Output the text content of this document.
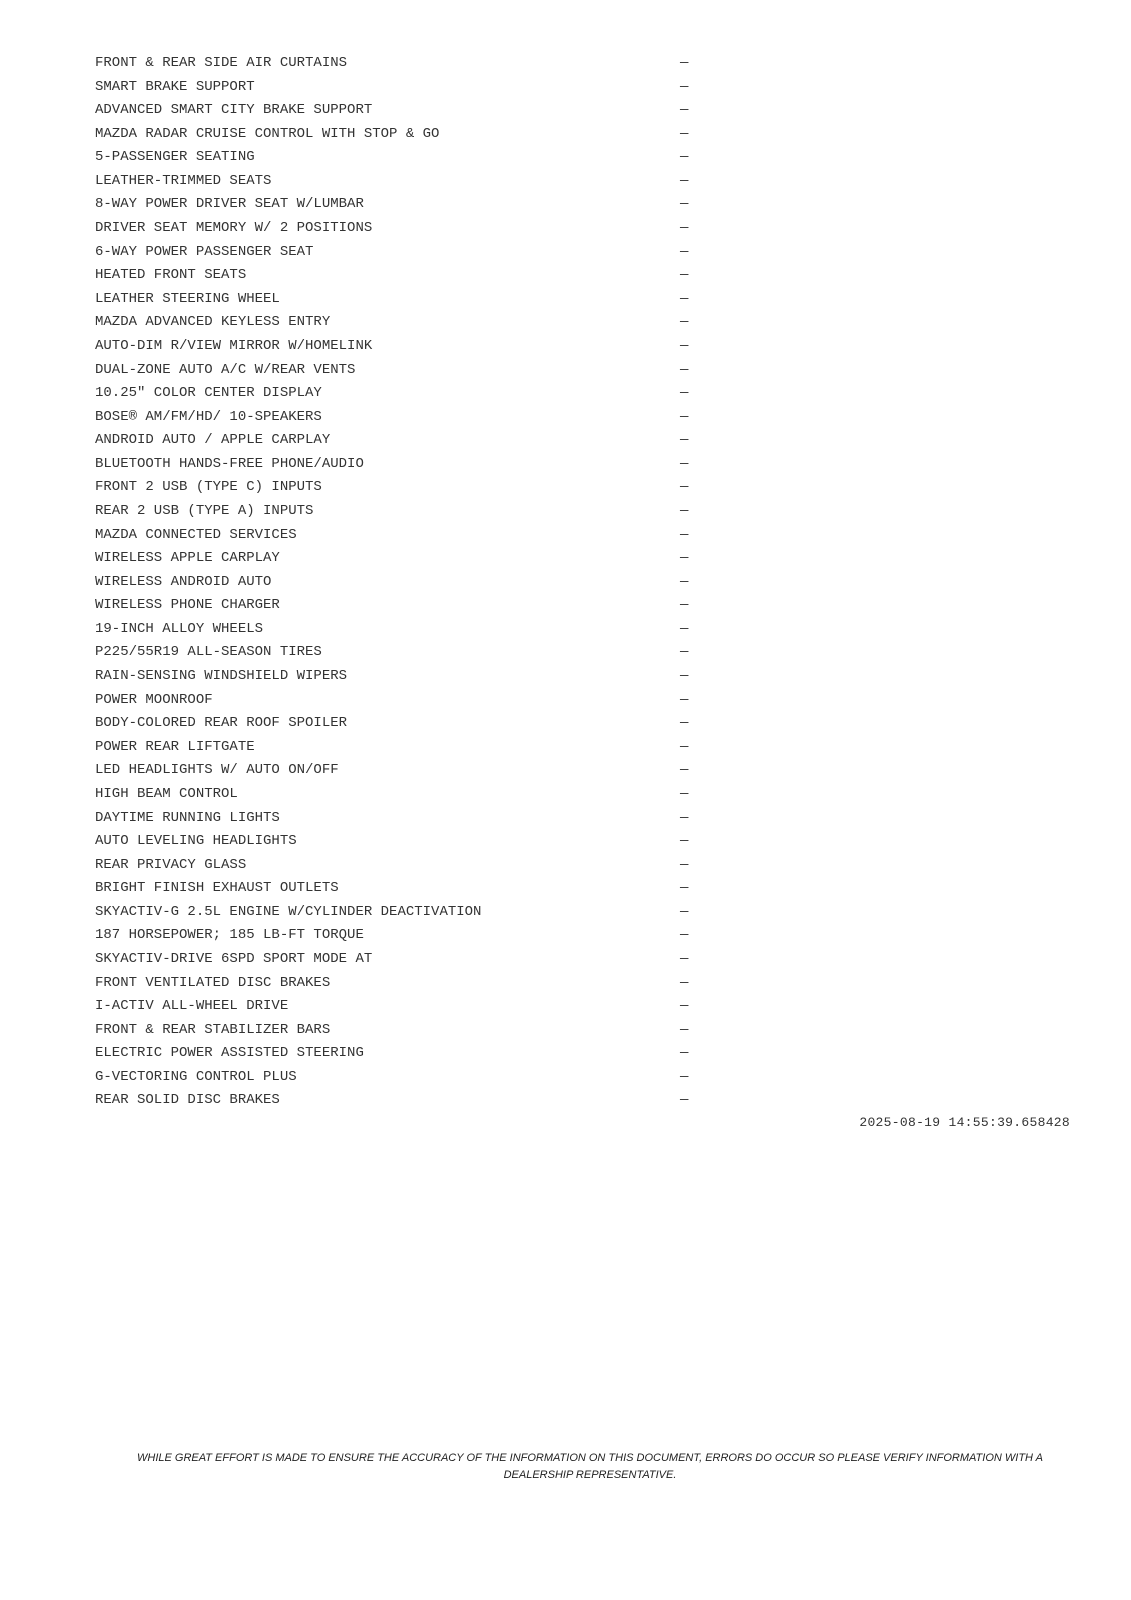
FRONT & REAR SIDE AIR CURTAINS	—
SMART BRAKE SUPPORT	—
ADVANCED SMART CITY BRAKE SUPPORT	—
MAZDA RADAR CRUISE CONTROL WITH STOP & GO	—
5-PASSENGER SEATING	—
LEATHER-TRIMMED SEATS	—
8-WAY POWER DRIVER SEAT W/LUMBAR	—
DRIVER SEAT MEMORY W/ 2 POSITIONS	—
6-WAY POWER PASSENGER SEAT	—
HEATED FRONT SEATS	—
LEATHER STEERING WHEEL	—
MAZDA ADVANCED KEYLESS ENTRY	—
AUTO-DIM R/VIEW MIRROR W/HOMELINK	—
DUAL-ZONE AUTO A/C W/REAR VENTS	—
10.25" COLOR CENTER DISPLAY	—
BOSE® AM/FM/HD/ 10-SPEAKERS	—
ANDROID AUTO / APPLE CARPLAY	—
BLUETOOTH HANDS-FREE PHONE/AUDIO	—
FRONT 2 USB (TYPE C) INPUTS	—
REAR 2 USB (TYPE A) INPUTS	—
MAZDA CONNECTED SERVICES	—
WIRELESS APPLE CARPLAY	—
WIRELESS ANDROID AUTO	—
WIRELESS PHONE CHARGER	—
19-INCH ALLOY WHEELS	—
P225/55R19 ALL-SEASON TIRES	—
RAIN-SENSING WINDSHIELD WIPERS	—
POWER MOONROOF	—
BODY-COLORED REAR ROOF SPOILER	—
POWER REAR LIFTGATE	—
LED HEADLIGHTS W/ AUTO ON/OFF	—
HIGH BEAM CONTROL	—
DAYTIME RUNNING LIGHTS	—
AUTO LEVELING HEADLIGHTS	—
REAR PRIVACY GLASS	—
BRIGHT FINISH EXHAUST OUTLETS	—
SKYACTIV-G 2.5L ENGINE W/CYLINDER DEACTIVATION	—
187 HORSEPOWER; 185 LB-FT TORQUE	—
SKYACTIV-DRIVE 6SPD SPORT MODE AT	—
FRONT VENTILATED DISC BRAKES	—
I-ACTIV ALL-WHEEL DRIVE	—
FRONT & REAR STABILIZER BARS	—
ELECTRIC POWER ASSISTED STEERING	—
G-VECTORING CONTROL PLUS	—
REAR SOLID DISC BRAKES	—
2025-08-19 14:55:39.658428
WHILE GREAT EFFORT IS MADE TO ENSURE THE ACCURACY OF THE INFORMATION ON THIS DOCUMENT, ERRORS DO OCCUR SO PLEASE VERIFY INFORMATION WITH A
DEALERSHIP REPRESENTATIVE.
